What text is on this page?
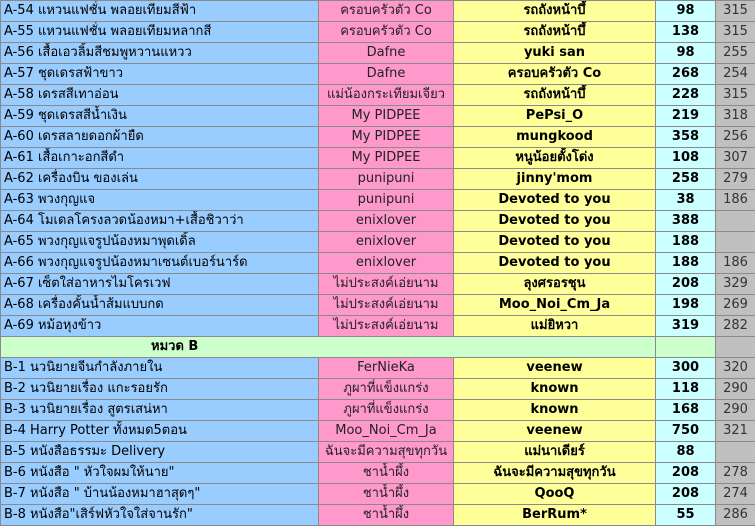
A-54 แหวนแฟชั่น พลอยเทียมสีฟ้า	ครอบครัวตัว Co	รถถังหน้าบึ้	98	315
A-55 แหวนแฟชั่น พลอยเทียมหลากสี	ครอบครัวตัว Co	รถถังหน้าบึ้	138	315
A-56 เสื้อเอวลิ้มสีชมพูหวานแหวว	Dafne	yuki san	98	255
A-57 ชุดเดรสฟ้าขาว	Dafne	ครอบครัวตัว Co	268	254
A-58 เดรสสีเทาอ่อน	แม่น้องกระเทียมเจียว	รถถังหน้าบึ้	228	315
A-59 ชุดเดรสสีน้ำเงิน	My PIDPEE	PePsi_O	219	318
A-60 เดรสลายดอกผ้ายืด	My PIDPEE	mungkood	358	256
A-61 เสื้อเกาะอกสีดำ	My PIDPEE	หนูน้อยตั้งโด่ง	108	307
A-62 เครื่องบิน ของเล่น	punipuni	jinny'mom	258	279
A-63 พวงกุญแจ	punipuni	Devoted to you	38	186
A-64 โมเดลโครงลวดน้องหมา+เสื้อชิวาว่า	enixlover	Devoted to you	388	
A-65 พวงกุญแจรูปน้องหมาพุดเดิ้ล	enixlover	Devoted to you	188	
A-66 พวงกุญแจรูปน้องหมาเซนต์เบอร์นาร์ด	enixlover	Devoted to you	188	186
A-67 เซ็ตใส่อาหารไมโครเวฟ	ไม่ประสงค์เอ่ยนาม	ลุงศรอรชุน	208	329
A-68 เครื่องคั้นน้ำส้มแบบกด	ไม่ประสงค์เอ่ยนาม	Moo_Noi_Cm_Ja	198	269
A-69 หม้อหุงข้าว	ไม่ประสงค์เอ่ยนาม	แม่ยิหวา	319	282
หมวด B				
B-1 นวนิยายจีนกำลังภายใน	FerNieKa	veenew	300	320
B-2 นวนิยายเรื่อง แกะรอยรัก	ภูผาที่แข็งแกร่ง	known	118	290
B-3 นวนิยายเรื่อง สูตรเสน่หา	ภูผาที่แข็งแกร่ง	known	168	290
B-4 Harry Potter ทั้งหมด5ตอน	Moo_Noi_Cm_Ja	veenew	750	321
B-5 หนังสือธรรมะ Delivery	ฉันจะมีความสุขทุกวัน	แม่นาเดียร์	88	
B-6 หนังสือ " หัวใจผมให้นาย"	ชาน้ำผึ้ง	ฉันจะมีความสุขทุกวัน	208	278
B-7 หนังสือ " บ้านน้องหมาฮาสุดๆ"	ชาน้ำผึ้ง	QooQ	208	274
B-8 หนังสือ"เสิร์ฟหัวใจใส่จานรัก"	ชาน้ำผึ้ง	BerRum*	55	286
